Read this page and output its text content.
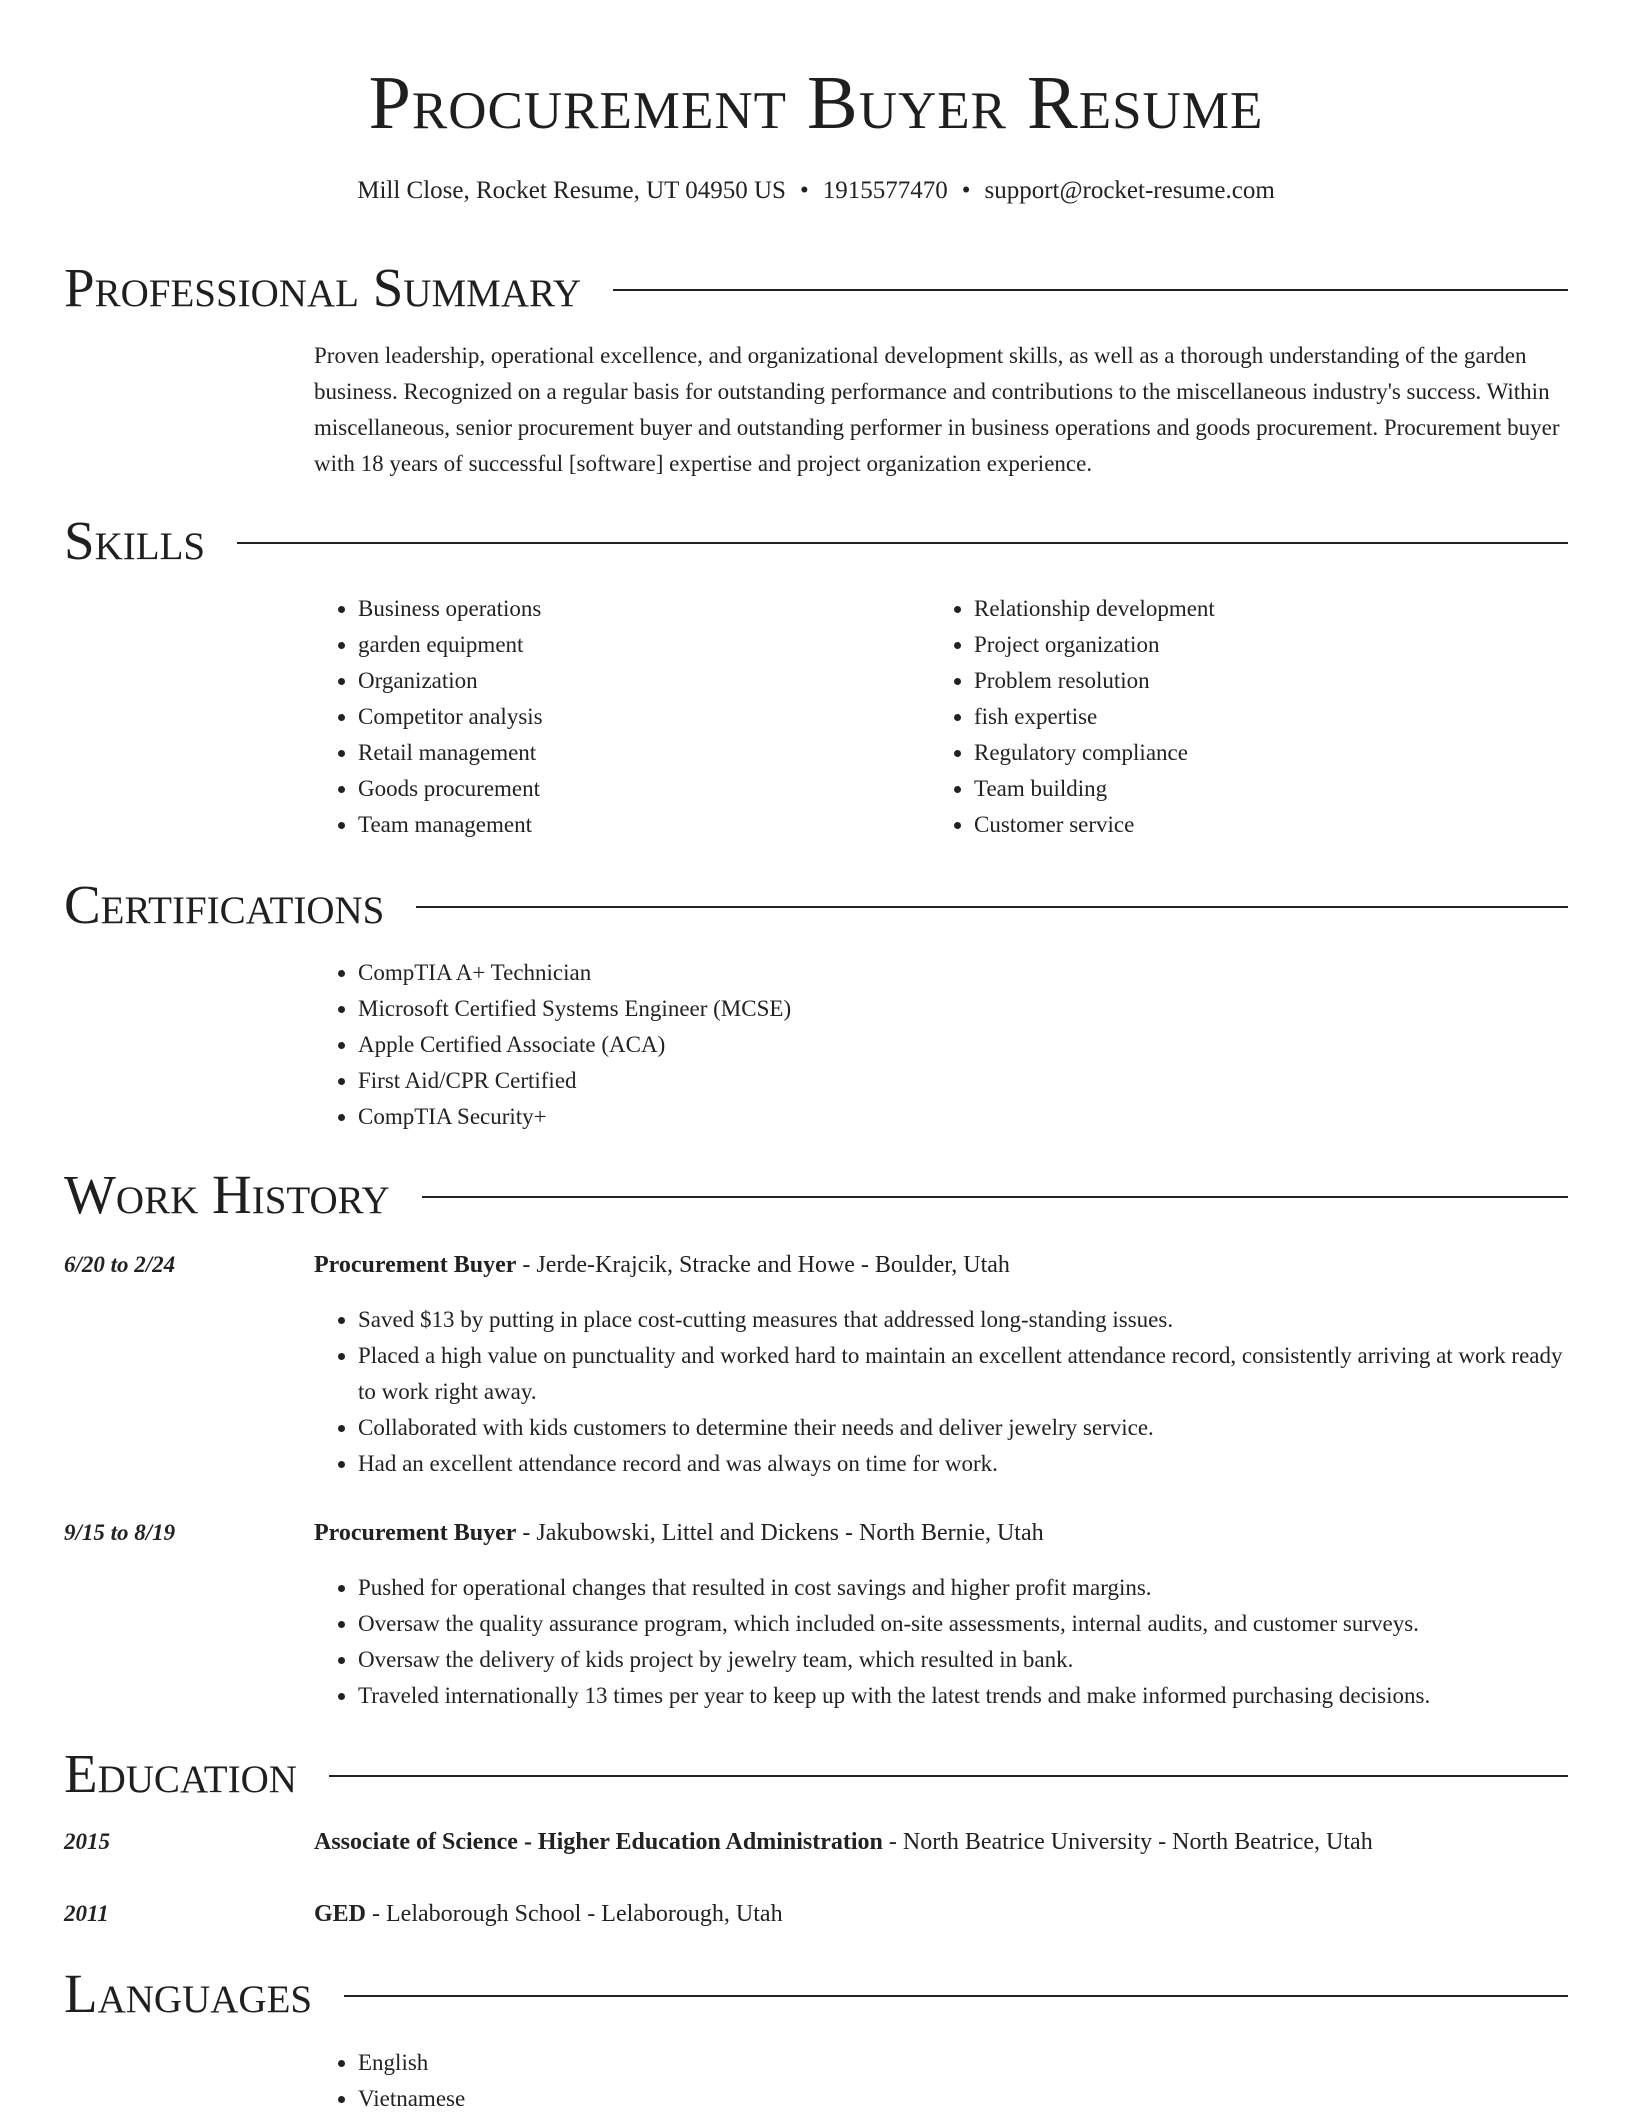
Procurement Buyer Resume
Mill Close, Rocket Resume, UT 04950 US • 1915577470 • support@rocket-resume.com
Professional Summary

Proven leadership, operational excellence, and organizational development skills, as well as a thorough understanding of the garden business. Recognized on a regular basis for outstanding performance and contributions to the miscellaneous industry's success. Within miscellaneous, senior procurement buyer and outstanding performer in business operations and goods procurement. Procurement buyer with 18 years of successful [software] expertise and project organization experience.

Skills
• Business operations
• garden equipment
• Organization
• Competitor analysis
• Retail management
• Goods procurement
• Team management
• Relationship development
• Project organization
• Problem resolution
• fish expertise
• Regulatory compliance
• Team building
• Customer service
Certifications
• CompTIA A+ Technician
• Microsoft Certified Systems Engineer (MCSE)
• Apple Certified Associate (ACA)
• First Aid/CPR Certified
• CompTIA Security+
Work History
6/20 to 2/24	Procurement Buyer - Jerde-Krajcik, Stracke and Howe - Boulder, Utah
• Saved $13 by putting in place cost-cutting measures that addressed long-standing issues.
• Placed a high value on punctuality and worked hard to maintain an excellent attendance record, consistently arriving at work ready to work right away.
• Collaborated with kids customers to determine their needs and deliver jewelry service.
• Had an excellent attendance record and was always on time for work.
9/15 to 8/19	Procurement Buyer - Jakubowski, Littel and Dickens - North Bernie, Utah
• Pushed for operational changes that resulted in cost savings and higher profit margins.
• Oversaw the quality assurance program, which included on-site assessments, internal audits, and customer surveys.
• Oversaw the delivery of kids project by jewelry team, which resulted in bank.
• Traveled internationally 13 times per year to keep up with the latest trends and make informed purchasing decisions.
Education
2015	Associate of Science - Higher Education Administration - North Beatrice University - North Beatrice, Utah
2011	GED - Lelaborough School - Lelaborough, Utah
Languages
• English
• Vietnamese
